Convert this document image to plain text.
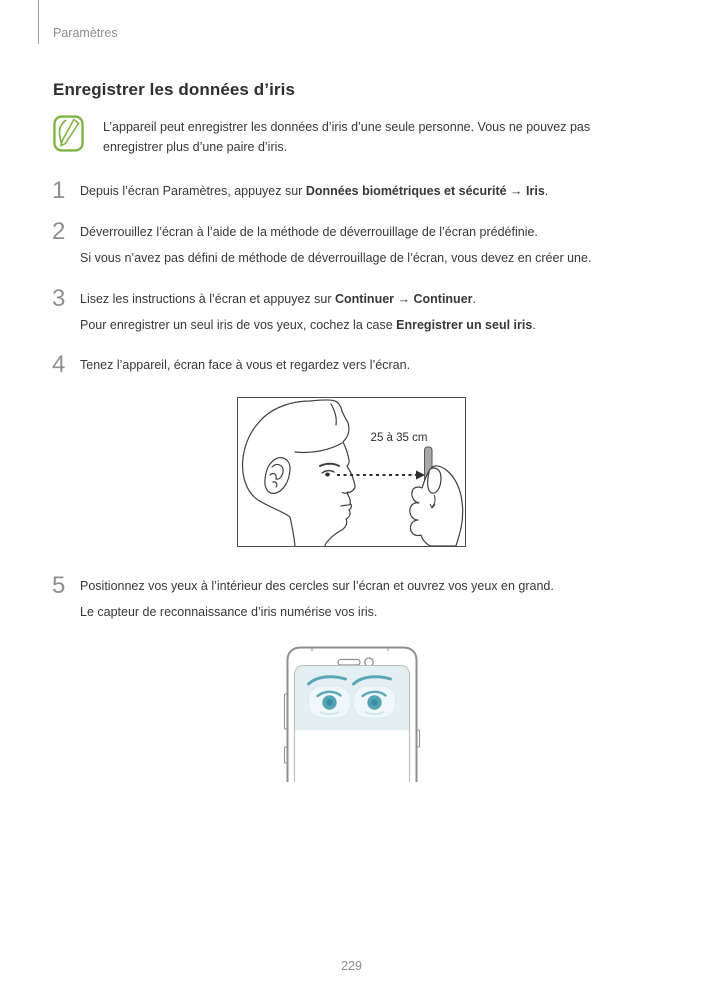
Paramètres
Enregistrer les données d’iris
L’appareil peut enregistrer les données d’iris d’une seule personne. Vous ne pouvez pas enregistrer plus d’une paire d’iris.
1 Depuis l’écran Paramètres, appuyez sur Données biométriques et sécurité → Iris.
2 Déverrouillez l’écran à l’aide de la méthode de déverrouillage de l’écran prédéfinie.
Si vous n’avez pas défini de méthode de déverrouillage de l’écran, vous devez en créer une.
3 Lisez les instructions à l’écran et appuyez sur Continuer → Continuer.
Pour enregistrer un seul iris de vos yeux, cochez la case Enregistrer un seul iris.
4 Tenez l’appareil, écran face à vous et regardez vers l’écran.
5 Positionnez vos yeux à l’intérieur des cercles sur l’écran et ouvrez vos yeux en grand.
Le capteur de reconnaissance d’iris numérise vos iris.
25 à 35 cm
229
